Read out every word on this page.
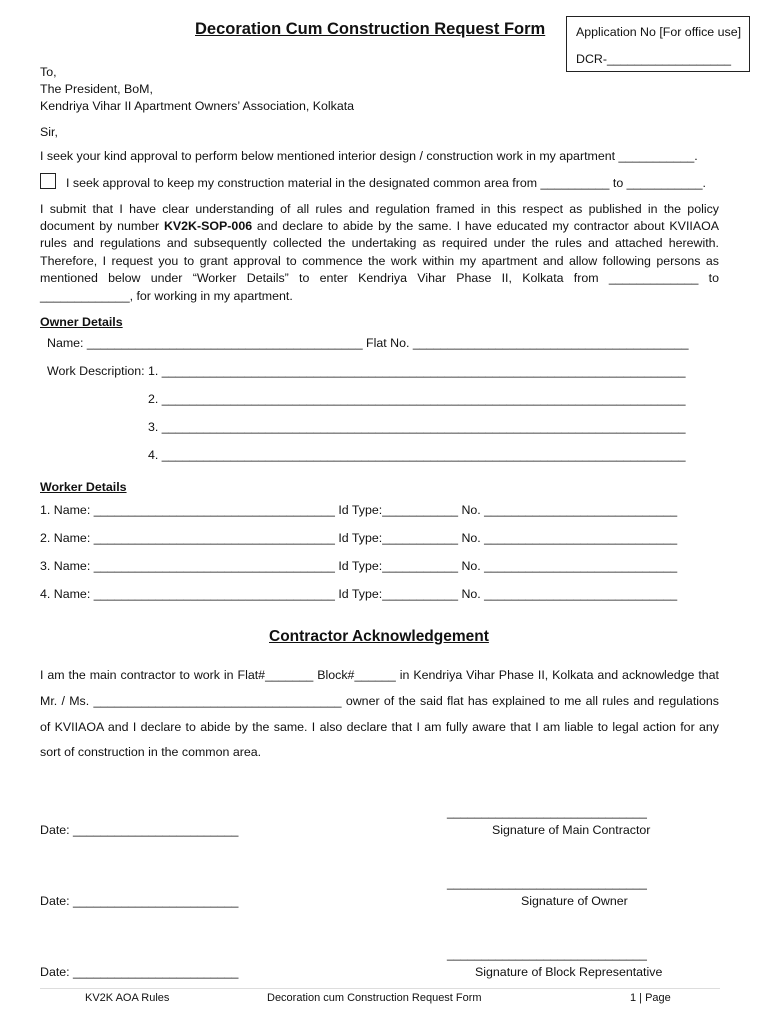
Decoration Cum Construction Request Form Application No [For office use]
DCR-__________________
To,
The President, BoM,
Kendriya Vihar II Apartment Owners’ Association, Kolkata
Sir,
I seek your kind approval to perform below mentioned interior design / construction work in my apartment ___________.
I seek approval to keep my construction material in the designated common area from __________ to ___________.
I submit that I have clear understanding of all rules and regulation framed in this respect as published in the policy
document by number KV2K-SOP-006 and declare to abide by the same. I have educated my contractor about KVIIAOA
rules and regulations and subsequently collected the undertaking as required under the rules and attached herewith.
Therefore, I request you to grant approval to commence the work within my apartment and allow following persons as
mentioned below under “Worker Details” to enter Kendriya Vihar Phase II, Kolkata from _____________ to
_____________, for working in my apartment.
Owner Details
Name: ________________________________________ Flat No. ________________________________________
Work Description: 1. ____________________________________________________________________________
2. ____________________________________________________________________________
3. ____________________________________________________________________________
4. ____________________________________________________________________________
Worker Details
1. Name: ___________________________________ Id Type:___________ No. ____________________________
2. Name: ___________________________________ Id Type:___________ No. ____________________________
3. Name: ___________________________________ Id Type:___________ No. ____________________________
4. Name: ___________________________________ Id Type:___________ No. ____________________________
Contractor Acknowledgement
I am the main contractor to work in Flat#_______ Block#______ in Kendriya Vihar Phase II, Kolkata and acknowledge that
Mr. / Ms. ____________________________________ owner of the said flat has explained to me all rules and regulations
of KVIIAOA and I declare to abide by the same. I also declare that I am fully aware that I am liable to legal action for any
sort of construction in the common area.
_____________________________
Date: ________________________	Signature of Main Contractor
_____________________________
Date: ________________________	Signature of Owner
_____________________________
Date: ________________________	Signature of Block Representative
KV2K AOA Rules	Decoration cum Construction Request Form	1 | Page
